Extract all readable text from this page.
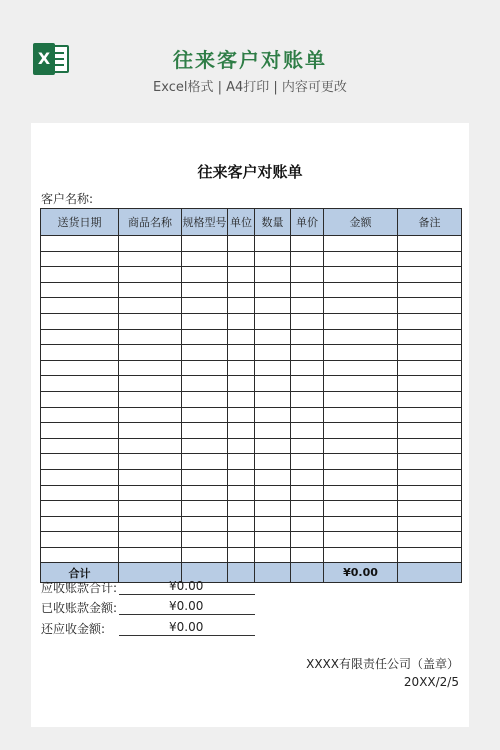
X	往来客户对账单
Excel格式 | A4打印 | 内容可更改
往来客户对账单
客户名称:
送货日期	商品名称	规格型号	单位	数量	单价	金额	备注

合计						¥0.00	
应收账款合计:	¥0.00
已收账款金额:	¥0.00
还应收金额:	¥0.00
XXXX有限责任公司（盖章）
20XX/2/5
